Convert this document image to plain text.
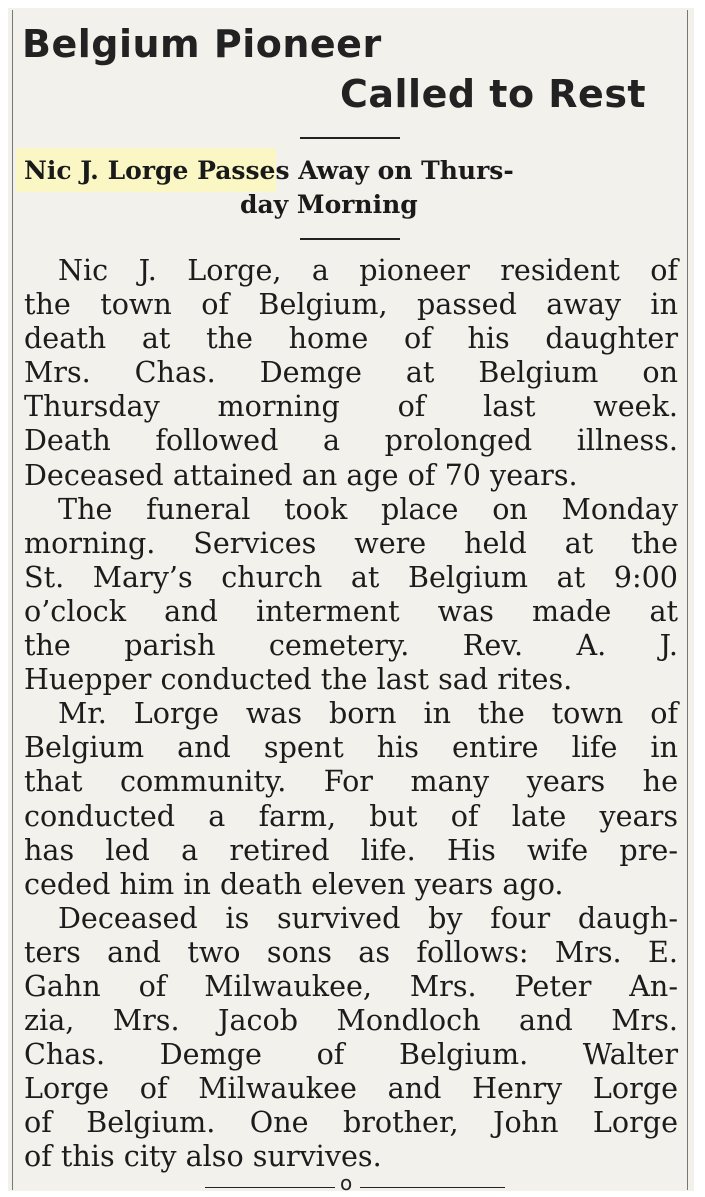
Belgium Pioneer
Called to Rest
Nic J. Lorge Passes Away on Thurs-
day Morning
Nic J. Lorge, a pioneer resident of
the town of Belgium, passed away in
death at the home of his daughter
Mrs. Chas. Demge at Belgium on
Thursday morning of last week.
Death followed a prolonged illness.
Deceased attained an age of 70 years.
The funeral took place on Monday
morning. Services were held at the
St. Mary’s church at Belgium at 9:00
o’clock and interment was made at
the parish cemetery. Rev. A. J.
Huepper conducted the last sad rites.
Mr. Lorge was born in the town of
Belgium and spent his entire life in
that community. For many years he
conducted a farm, but of late years
has led a retired life. His wife pre-
ceded him in death eleven years ago.
Deceased is survived by four daugh-
ters and two sons as follows: Mrs. E.
Gahn of Milwaukee, Mrs. Peter An-
zia, Mrs. Jacob Mondloch and Mrs.
Chas. Demge of Belgium. Walter
Lorge of Milwaukee and Henry Lorge
of Belgium. One brother, John Lorge
of this city also survives.
o
